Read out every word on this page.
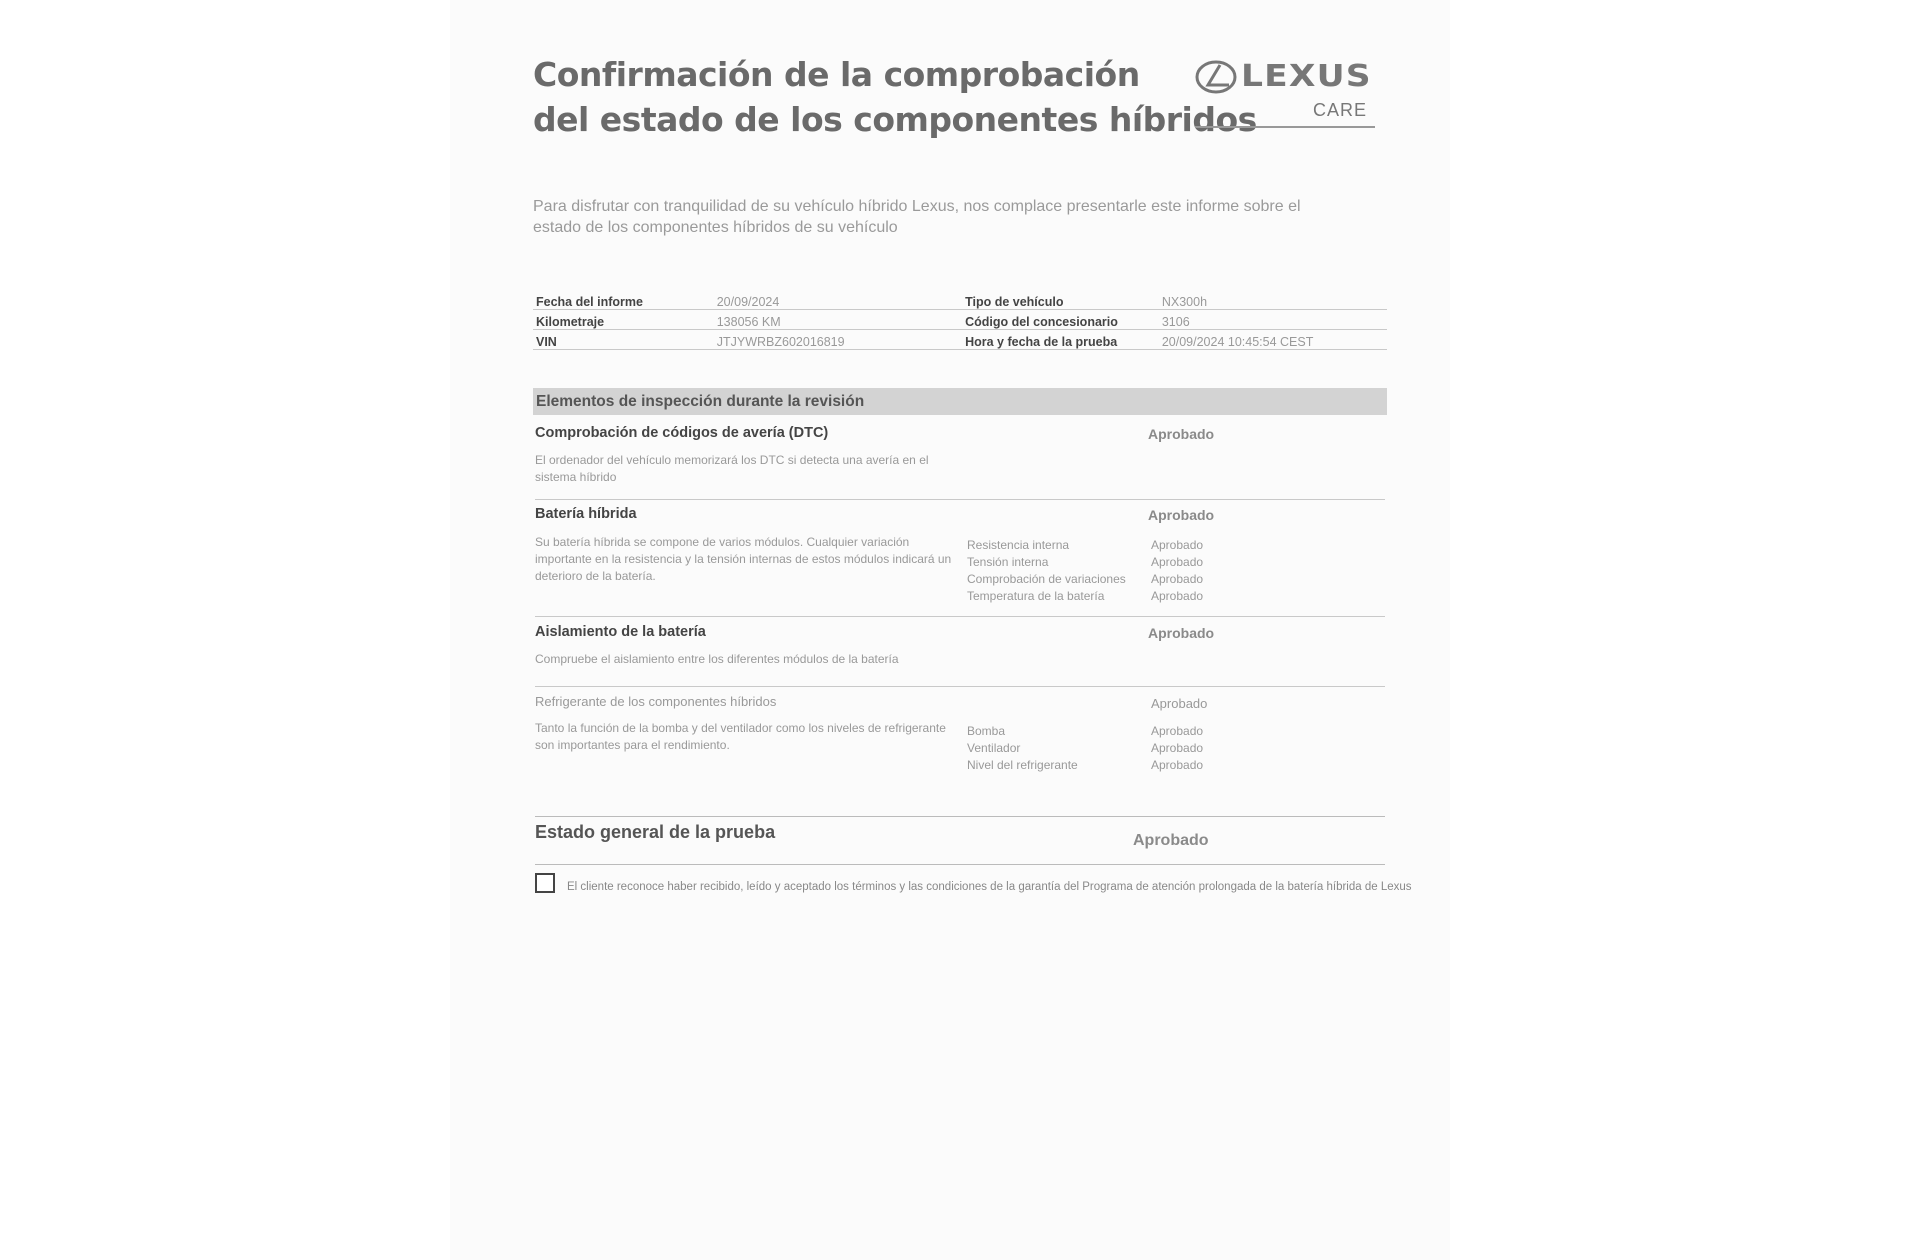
Confirmación de la comprobación
del estado de los componentes híbridos
LEXUS
CARE

Para disfrutar con tranquilidad de su vehículo híbrido Lexus, nos complace presentarle este informe sobre el estado de los componentes híbridos de su vehículo

Fecha del informe	20/09/2024	Tipo de vehículo	NX300h
Kilometraje	138056 KM	Código del concesionario	3106
VIN	JTJYWRBZ602016819	Hora y fecha de la prueba	20/09/2024 10:45:54 CEST
Elementos de inspección durante la revisión
Comprobación de códigos de avería (DTC)	Aprobado

El ordenador del vehículo memorizará los DTC si detecta una avería en el sistema híbrido

Batería híbrida	Aprobado

Su batería híbrida se compone de varios módulos. Cualquier variación importante en la resistencia y la tensión internas de estos módulos indicará un deterioro de la batería.

Resistencia interna	Aprobado
Tensión interna	Aprobado
Comprobación de variaciones Aprobado
Temperatura de la batería	Aprobado
Aislamiento de la batería	Aprobado

Compruebe el aislamiento entre los diferentes módulos de la batería

Refrigerante de los componentes híbridos	Aprobado

Tanto la función de la bomba y del ventilador como los niveles de refrigerante son importantes para el rendimiento.

Bomba	Aprobado
Ventilador	Aprobado
Nivel del refrigerante	Aprobado
Estado general de la prueba	Aprobado
El cliente reconoce haber recibido, leído y aceptado los términos y las condiciones de la garantía del Programa de atención prolongada de la batería híbrida de Lexus
